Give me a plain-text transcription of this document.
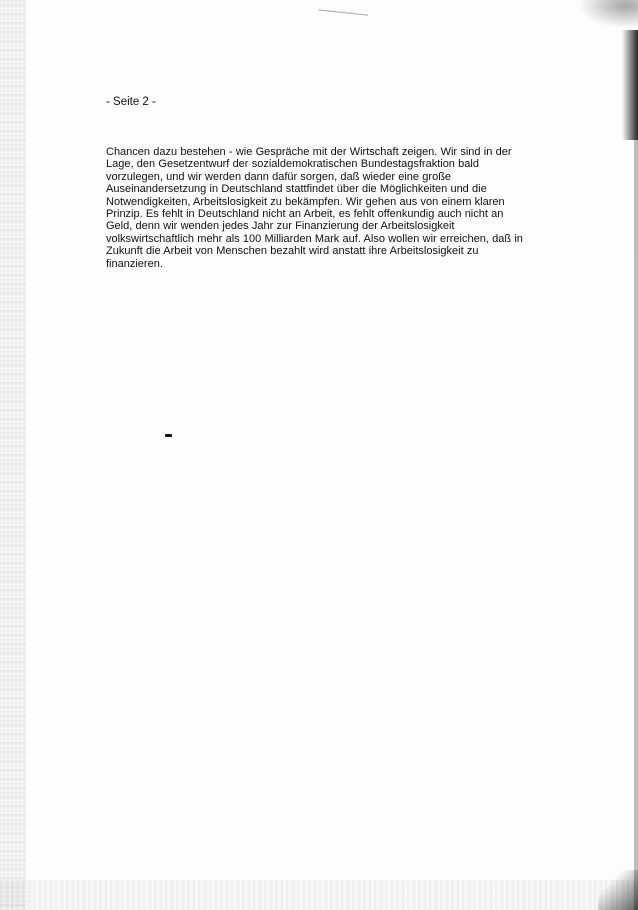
- Seite 2 -

Chancen dazu bestehen - wie Gespräche mit der Wirtschaft zeigen. Wir sind in der Lage, den Gesetzentwurf der sozialdemokratischen Bundestagsfraktion bald vorzulegen, und wir werden dann dafür sorgen, daß wieder eine große Auseinandersetzung in Deutschland stattfindet über die Möglichkeiten und die Notwendigkeiten, Arbeitslosigkeit zu bekämpfen. Wir gehen aus von einem klaren Prinzip. Es fehlt in Deutschland nicht an Arbeit, es fehlt offenkundig auch nicht an Geld, denn wir wenden jedes Jahr zur Finanzierung der Arbeitslosigkeit volkswirtschaftlich mehr als 100 Milliarden Mark auf. Also wollen wir erreichen, daß in Zukunft die Arbeit von Menschen bezahlt wird anstatt ihre Arbeitslosigkeit zu finanzieren.
